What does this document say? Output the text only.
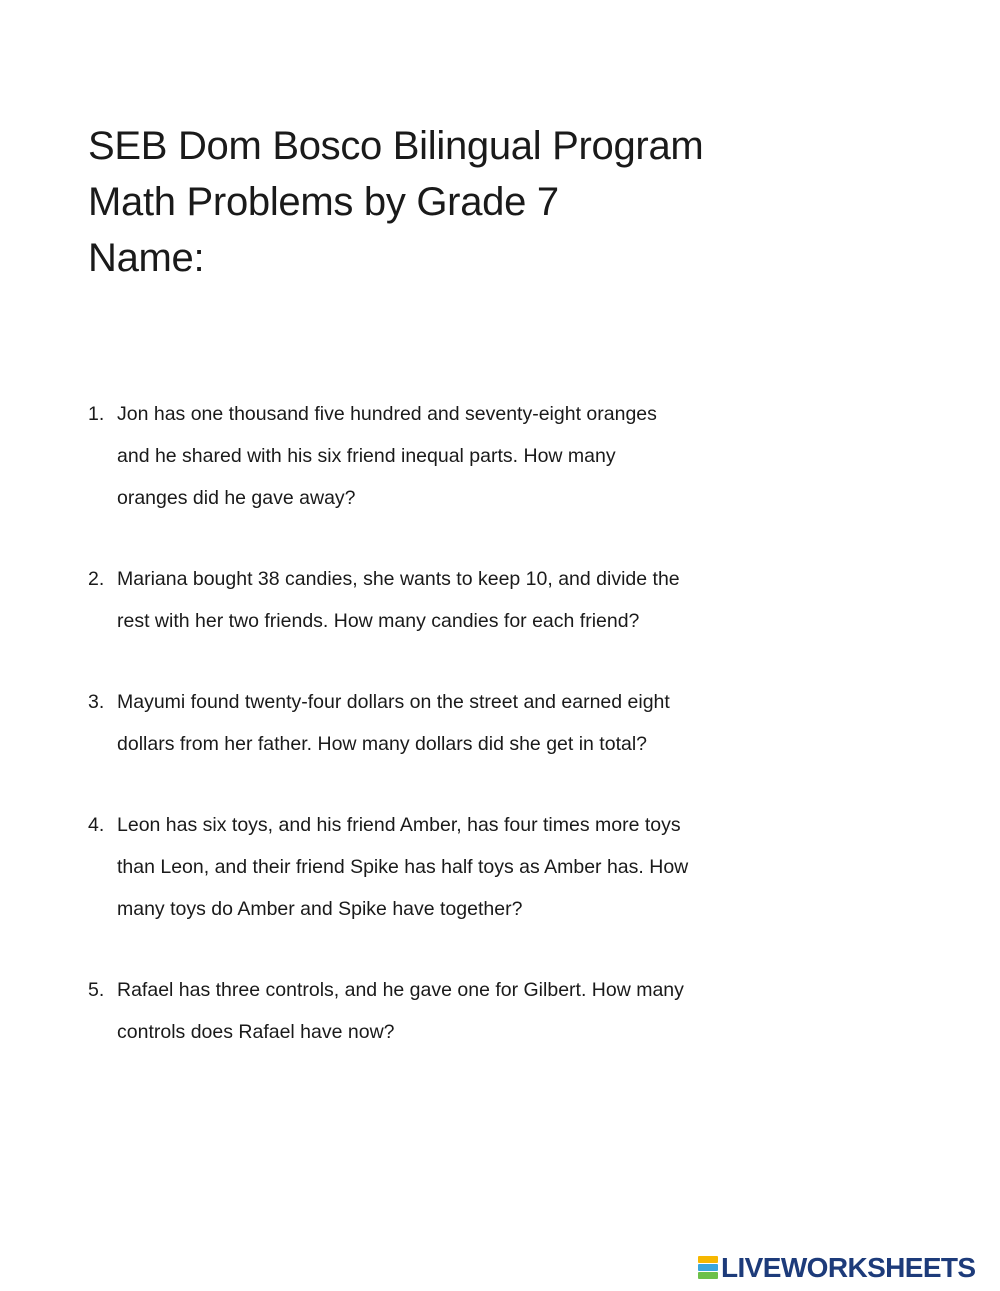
SEB Dom Bosco Bilingual Program
Math Problems by Grade 7
Name:
1. Jon has one thousand five hundred and seventy-eight oranges
and he shared with his six friend inequal parts. How many
oranges did he gave away?
2. Mariana bought 38 candies, she wants to keep 10, and divide the
rest with her two friends. How many candies for each friend?
3. Mayumi found twenty-four dollars on the street and earned eight
dollars from her father. How many dollars did she get in total?
4. Leon has six toys, and his friend Amber, has four times more toys
than Leon, and their friend Spike has half toys as Amber has. How
many toys do Amber and Spike have together?
5. Rafael has three controls, and he gave one for Gilbert. How many
controls does Rafael have now?
LIVEWORKSHEETS
